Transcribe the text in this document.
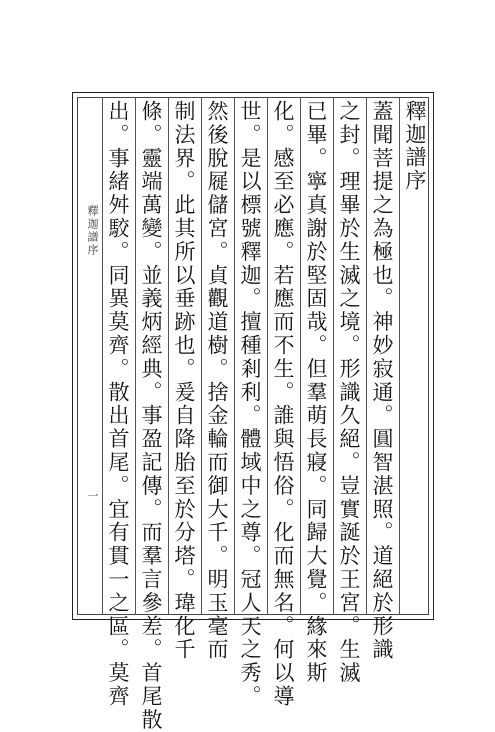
釋迦譜序
一
釋迦譜序
蓋聞菩提之為極也。神妙寂通。圓智湛照。道絕於形識
之封。理畢於生滅之境。形識久絕。豈實誕於王宮。生滅
已畢。寧真謝於堅固哉。但羣萌長寢。同歸大覺。緣來斯
化。感至必應。若應而不生。誰與悟俗。化而無名。何以導
世。是以標號釋迦。擅種剎利。體域中之尊。冠人天之秀。
然後脫屣儲宮。貞觀道樹。捨金輪而御大千。明玉毫而
制法界。此其所以垂跡也。爰自降胎至於分塔。瑋化千
條。靈端萬變。並義炳經典。事盈記傳。而羣言參差。首尾散
出。事緒舛駮。同異莫齊。散出首尾。宜有貫一之區。莫齊
